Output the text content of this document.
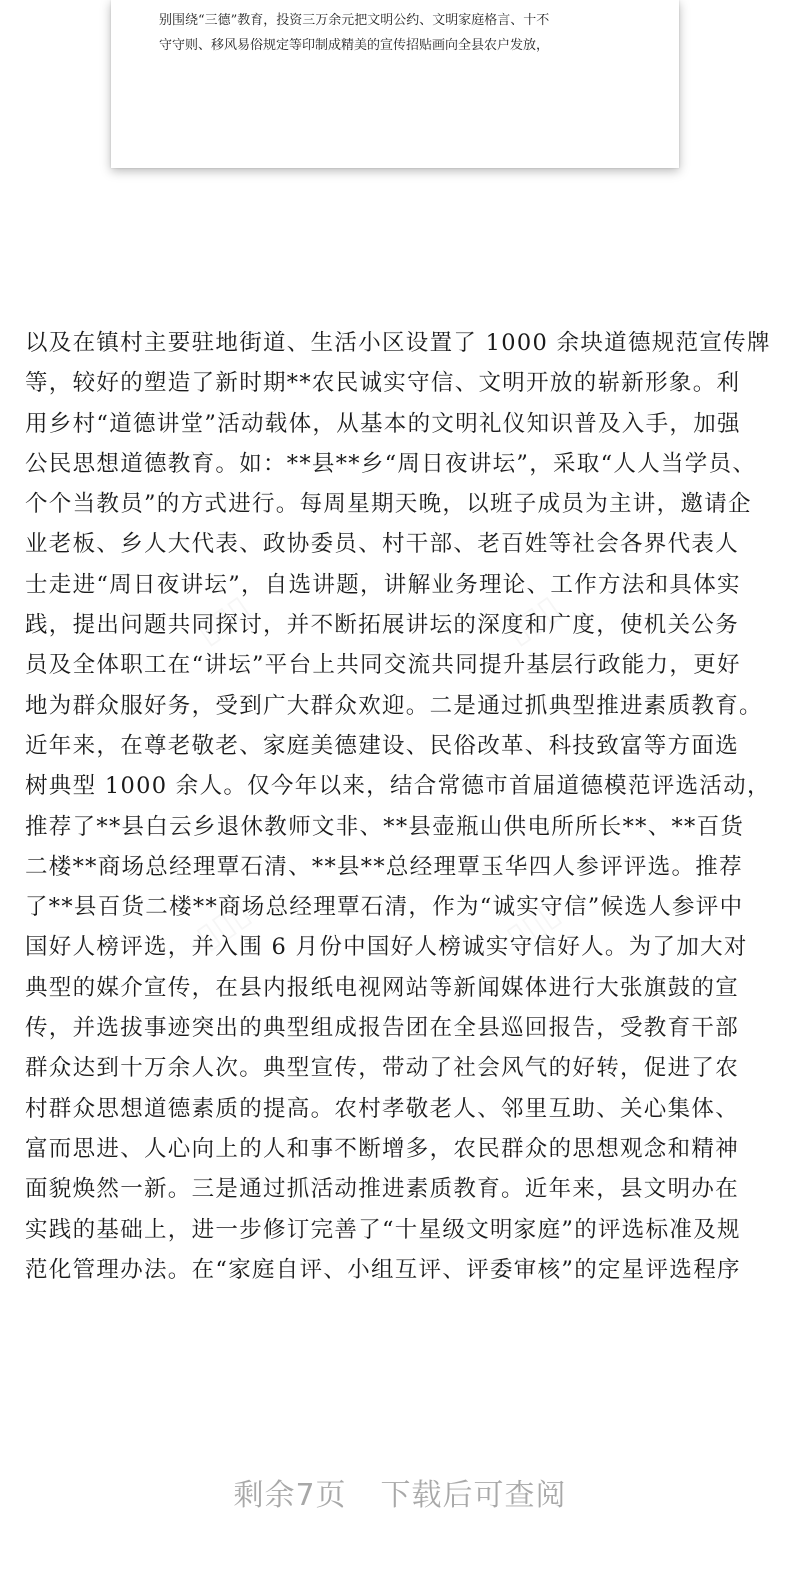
别围绕“三德”教育，投资三万余元把文明公约、文明家庭格言、十不
守守则、移风易俗规定等印制成精美的宣传招贴画向全县农户发放，
以及在镇村主要驻地街道、生活小区设置了 1000 余块道德规范宣传牌
等，较好的塑造了新时期**农民诚实守信、文明开放的崭新形象。利
用乡村“道德讲堂”活动载体，从基本的文明礼仪知识普及入手，加强
公民思想道德教育。如：**县**乡“周日夜讲坛”，采取“人人当学员、
个个当教员”的方式进行。每周星期天晚，以班子成员为主讲，邀请企
业老板、乡人大代表、政协委员、村干部、老百姓等社会各界代表人
士走进“周日夜讲坛”，自选讲题，讲解业务理论、工作方法和具体实
践，提出问题共同探讨，并不断拓展讲坛的深度和广度，使机关公务
员及全体职工在“讲坛”平台上共同交流共同提升基层行政能力，更好
地为群众服好务，受到广大群众欢迎。二是通过抓典型推进素质教育。
近年来，在尊老敬老、家庭美德建设、民俗改革、科技致富等方面选
树典型 1000 余人。仅今年以来，结合常德市首届道德模范评选活动，
推荐了**县白云乡退休教师文非、**县壶瓶山供电所所长**、**百货
二楼**商场总经理覃石清、**县**总经理覃玉华四人参评评选。推荐
了**县百货二楼**商场总经理覃石清，作为“诚实守信”候选人参评中
国好人榜评选，并入围 6 月份中国好人榜诚实守信好人。为了加大对
典型的媒介宣传，在县内报纸电视网站等新闻媒体进行大张旗鼓的宣
传，并选拔事迹突出的典型组成报告团在全县巡回报告，受教育干部
群众达到十万余人次。典型宣传，带动了社会风气的好转，促进了农
村群众思想道德素质的提高。农村孝敬老人、邻里互助、关心集体、
富而思进、人心向上的人和事不断增多，农民群众的思想观念和精神
面貌焕然一新。三是通过抓活动推进素质教育。近年来，县文明办在
实践的基础上，进一步修订完善了“十星级文明家庭”的评选标准及规
范化管理办法。在“家庭自评、小组互评、评委审核”的定星评选程序
剩余7页 下载后可查阅
